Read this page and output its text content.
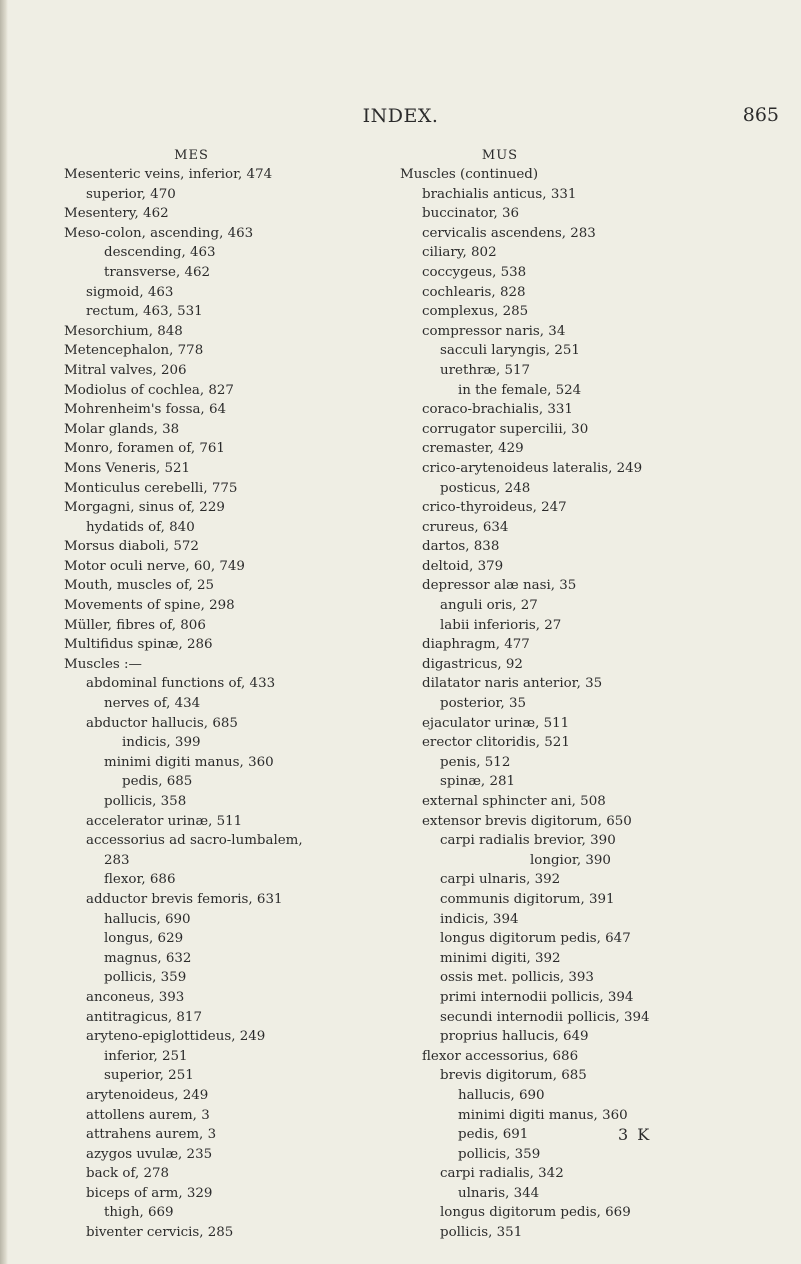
INDEX.	865
MES
Mesenteric veins, inferior, 474
superior, 470
Mesentery, 462
Meso-colon, ascending, 463
descending, 463
transverse, 462
sigmoid, 463
rectum, 463, 531
Mesorchium, 848
Metencephalon, 778
Mitral valves, 206
Modiolus of cochlea, 827
Mohrenheim's fossa, 64
Molar glands, 38
Monro, foramen of, 761
Mons Veneris, 521
Monticulus cerebelli, 775
Morgagni, sinus of, 229
hydatids of, 840
Morsus diaboli, 572
Motor oculi nerve, 60, 749
Mouth, muscles of, 25
Movements of spine, 298
Müller, fibres of, 806
Multifidus spinæ, 286
Muscles :—
abdominal functions of, 433
nerves of, 434
abductor hallucis, 685
indicis, 399
minimi digiti manus, 360
pedis, 685
pollicis, 358
accelerator urinæ, 511
accessorius ad sacro-lumbalem,
283
flexor, 686
adductor brevis femoris, 631
hallucis, 690
longus, 629
magnus, 632
pollicis, 359
anconeus, 393
antitragicus, 817
aryteno-epiglottideus, 249
inferior, 251
superior, 251
arytenoideus, 249
attollens aurem, 3
attrahens aurem, 3
azygos uvulæ, 235
back of, 278
biceps of arm, 329
thigh, 669
biventer cervicis, 285
MUS
Muscles (continued)
brachialis anticus, 331
buccinator, 36
cervicalis ascendens, 283
ciliary, 802
coccygeus, 538
cochlearis, 828
complexus, 285
compressor naris, 34
sacculi laryngis, 251
urethræ, 517
in the female, 524
coraco-brachialis, 331
corrugator supercilii, 30
cremaster, 429
crico-arytenoideus lateralis, 249
posticus, 248
crico-thyroideus, 247
crureus, 634
dartos, 838
deltoid, 379
depressor alæ nasi, 35
anguli oris, 27
labii inferioris, 27
diaphragm, 477
digastricus, 92
dilatator naris anterior, 35
posterior, 35
ejaculator urinæ, 511
erector clitoridis, 521
penis, 512
spinæ, 281
external sphincter ani, 508
extensor brevis digitorum, 650
carpi radialis brevior, 390
longior, 390
carpi ulnaris, 392
communis digitorum, 391
indicis, 394
longus digitorum pedis, 647
minimi digiti, 392
ossis met. pollicis, 393
primi internodii pollicis, 394
secundi internodii pollicis, 394
proprius hallucis, 649
flexor accessorius, 686
brevis digitorum, 685
hallucis, 690
minimi digiti manus, 360
pedis, 691
pollicis, 359
carpi radialis, 342
ulnaris, 344
longus digitorum pedis, 669
pollicis, 351
3 K
